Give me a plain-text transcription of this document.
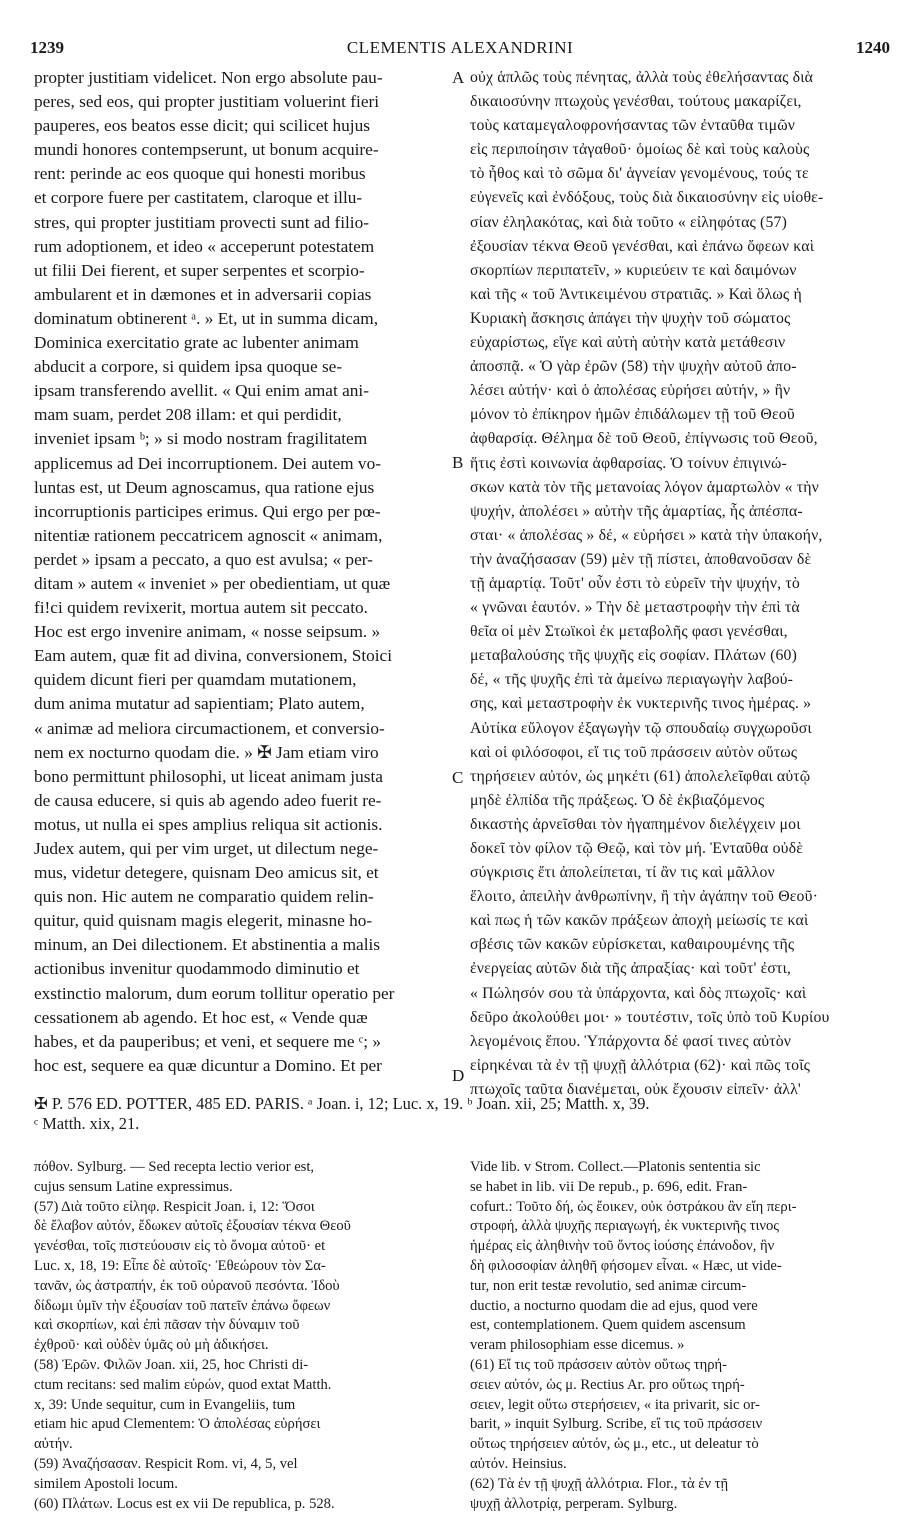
1239	CLEMENTIS ALEXANDRINI	1240
propter justitiam videlicet. Non ergo absolute pau-
peres, sed eos, qui propter justitiam voluerint fieri
pauperes, eos beatos esse dicit; qui scilicet hujus
mundi honores contempserunt, ut bonum acquire-
rent: perinde ac eos quoque qui honesti moribus
et corpore fuere per castitatem, claroque et illu-
stres, qui propter justitiam provecti sunt ad filio-
rum adoptionem, et ideo « acceperunt potestatem
ut filii Dei fierent, et super serpentes et scorpio-
ambularent et in dæmones et in adversarii copias
dominatum obtinerent ᵃ. » Et, ut in summa dicam,
Dominica exercitatio grate ac lubenter animam
abducit a corpore, si quidem ipsa quoque se-
ipsam transferendo avellit. « Qui enim amat ani-
mam suam, perdet 208 illam: et qui perdidit,
inveniet ipsam ᵇ; » si modo nostram fragilitatem
applicemus ad Dei incorruptionem. Dei autem vo-
luntas est, ut Deum agnoscamus, qua ratione ejus
incorruptionis participes erimus. Qui ergo per pœ-
nitentiæ rationem peccatricem agnoscit « animam,
perdet » ipsam a peccato, a quo est avulsa; « per-
ditam » autem « inveniet » per obedientiam, ut quæ
fi!ci quidem revixerit, mortua autem sit peccato.
Hoc est ergo invenire animam, « nosse seipsum. »
Eam autem, quæ fit ad divina, conversionem, Stoici
quidem dicunt fieri per quamdam mutationem,
dum anima mutatur ad sapientiam; Plato autem,
« animæ ad meliora circumactionem, et conversio-
nem ex nocturno quodam die. » ✠ Jam etiam viro
bono permittunt philosophi, ut liceat animam justa
de causa educere, si quis ab agendo adeo fuerit re-
motus, ut nulla ei spes amplius reliqua sit actionis.
Judex autem, qui per vim urget, ut dilectum nege-
mus, videtur detegere, quisnam Deo amicus sit, et
quis non. Hic autem ne comparatio quidem relin-
quitur, quid quisnam magis elegerit, minasne ho-
minum, an Dei dilectionem. Et abstinentia a malis
actionibus invenitur quodammodo diminutio et
exstinctio malorum, dum eorum tollitur operatio per
cessationem ab agendo. Et hoc est, « Vende quæ
habes, et da pauperibus; et veni, et sequere me ᶜ; »
hoc est, sequere ea quæ dicuntur a Domino. Et per
οὐχ ἁπλῶς τοὺς πένητας, ἀλλὰ τοὺς ἐθελήσαντας διὰ
δικαιοσύνην πτωχοὺς γενέσθαι, τούτους μακαρίζει,
τοὺς καταμεγαλοφρονήσαντας τῶν ἐνταῦθα τιμῶν
εἰς περιποίησιν τἀγαθοῦ· ὁμοίως δὲ καὶ τοὺς καλοὺς
τὸ ἦθος καὶ τὸ σῶμα δι' ἁγνείαν γενομένους, τούς τε
εὐγενεῖς καὶ ἐνδόξους, τοὺς διὰ δικαιοσύνην εἰς υἱοθε-
σίαν ἐληλακότας, καὶ διὰ τοῦτο « εἰληφότας (57)
ἐξουσίαν τέκνα Θεοῦ γενέσθαι, καὶ ἐπάνω ὄφεων καὶ
σκορπίων περιπατεῖν, » κυριεύειν τε καὶ δαιμόνων
καὶ τῆς « τοῦ Ἀντικειμένου στρατιᾶς. » Καὶ ὅλως ἡ
Κυριακὴ ἄσκησις ἀπάγει τὴν ψυχὴν τοῦ σώματος
εὐχαρίστως, εἴγε καὶ αὐτὴ αὐτὴν κατὰ μετάθεσιν
ἀποσπᾷ. « Ὁ γὰρ ἐρῶν (58) τὴν ψυχὴν αὐτοῦ ἀπο-
λέσει αὐτήν· καὶ ὁ ἀπολέσας εὑρήσει αὐτήν, » ἢν
μόνον τὸ ἐπίκηρον ἡμῶν ἐπιδάλωμεν τῇ τοῦ Θεοῦ
ἀφθαρσίᾳ. Θέλημα δὲ τοῦ Θεοῦ, ἐπίγνωσις τοῦ Θεοῦ,
ἥτις ἐστὶ κοινωνία ἀφθαρσίας. Ὁ τοίνυν ἐπιγινώ-
σκων κατὰ τὸν τῆς μετανοίας λόγον ἁμαρτωλὸν « τὴν
ψυχήν, ἀπολέσει » αὐτὴν τῆς ἁμαρτίας, ἧς ἀπέσπα-
σται· « ἀπολέσας » δέ, « εὑρήσει » κατὰ τὴν ὑπακοήν,
τὴν ἀναζήσασαν (59) μὲν τῇ πίστει, ἀποθανοῦσαν δὲ
τῇ ἁμαρτίᾳ. Τοῦτ' οὖν ἐστι τὸ εὑρεῖν τὴν ψυχήν, τὸ
« γνῶναι ἑαυτόν. » Τὴν δὲ μεταστροφὴν τὴν ἐπὶ τὰ
θεῖα οἱ μὲν Στωϊκοὶ ἐκ μεταβολῆς φασι γενέσθαι,
μεταβαλούσης τῆς ψυχῆς εἰς σοφίαν. Πλάτων (60)
δέ, « τῆς ψυχῆς ἐπὶ τὰ ἀμείνω περιαγωγὴν λαβού-
σης, καὶ μεταστροφὴν ἐκ νυκτερινῆς τινος ἡμέρας. »
Αὐτίκα εὔλογον ἐξαγωγὴν τῷ σπουδαίῳ συγχωροῦσι
καὶ οἱ φιλόσοφοι, εἴ τις τοῦ πράσσειν αὐτὸν οὕτως
τηρήσειεν αὐτόν, ὡς μηκέτι (61) ἀπολελεῖφθαι αὐτῷ
μηδὲ ἐλπίδα τῆς πράξεως. Ὁ δὲ ἐκβιαζόμενος
δικαστὴς ἀρνεῖσθαι τὸν ἠγαπημένον διελέγχειν μοι
δοκεῖ τὸν φίλον τῷ Θεῷ, καὶ τὸν μή. Ἐνταῦθα οὐδὲ
σύγκρισις ἔτι ἀπολείπεται, τί ἂν τις καὶ μᾶλλον
ἕλοιτο, ἀπειλὴν ἀνθρωπίνην, ἢ τὴν ἀγάπην τοῦ Θεοῦ·
καὶ πως ἡ τῶν κακῶν πράξεων ἀποχὴ μείωσίς τε καὶ
σβέσις τῶν κακῶν εὑρίσκεται, καθαιρουμένης τῆς
ἐνεργείας αὐτῶν διὰ τῆς ἀπραξίας· καὶ τοῦτ' ἐστι,
« Πώλησόν σου τὰ ὑπάρχοντα, καὶ δὸς πτωχοῖς· καὶ
δεῦρο ἀκολούθει μοι· » τουτέστιν, τοῖς ὑπὸ τοῦ Κυρίου
λεγομένοις ἕπου. Ὑπάρχοντα δέ φασί τινες αὐτὸν
εἰρηκέναι τὰ ἐν τῇ ψυχῇ ἀλλότρια (62)· καὶ πῶς τοῖς
πτωχοῖς ταῦτα διανέμεται, οὐκ ἔχουσιν εἰπεῖν· ἀλλ'
A
B
C
D
✠ P. 576 ED. POTTER, 485 ED. PARIS. ᵃ Joan. i, 12; Luc. x, 19. ᵇ Joan. xii, 25; Matth. x, 39.
ᶜ Matth. xix, 21.
πόθον. Sylburg. — Sed recepta lectio verior est,
cujus sensum Latine expressimus.
(57) Διὰ τοῦτο εἰληφ. Respicit Joan. i, 12: Ὅσοι
δὲ ἔλαβον αὐτόν, ἔδωκεν αὐτοῖς ἐξουσίαν τέκνα Θεοῦ
γενέσθαι, τοῖς πιστεύουσιν εἰς τὸ ὄνομα αὐτοῦ· et
Luc. x, 18, 19: Εἶπε δὲ αὐτοῖς· Ἐθεώρουν τὸν Σα-
τανᾶν, ὡς ἀστραπήν, ἐκ τοῦ οὐρανοῦ πεσόντα. Ἰδοὺ
δίδωμι ὑμῖν τὴν ἐξουσίαν τοῦ πατεῖν ἐπάνω ὄφεων
καὶ σκορπίων, καὶ ἐπὶ πᾶσαν τὴν δύναμιν τοῦ
ἐχθροῦ· καὶ οὐδὲν ὑμᾶς οὐ μὴ ἀδικήσει.
(58) Ἐρῶν. Φιλῶν Joan. xii, 25, hoc Christi di-
ctum recitans: sed malim εὑρών, quod extat Matth.
x, 39: Unde sequitur, cum in Evangeliis, tum
etiam hic apud Clementem: Ὁ ἀπολέσας εὑρήσει
αὐτήν.
(59) Ἀναζήσασαν. Respicit Rom. vi, 4, 5, vel
similem Apostoli locum.
(60) Πλάτων. Locus est ex vii De republica, p. 528.
Vide lib. v Strom. Collect.—Platonis sententia sic
se habet in lib. vii De repub., p. 696, edit. Fran-
cofurt.: Τοῦτο δή, ὡς ἔοικεν, οὐκ ὀστράκου ἂν εἴη περι-
στροφή, ἀλλὰ ψυχῆς περιαγωγή, ἐκ νυκτερινῆς τινος
ἡμέρας εἰς ἀληθινὴν τοῦ ὄντος ἰούσης ἐπάνοδον, ἣν
δὴ φιλοσοφίαν ἀληθῆ φήσομεν εἶναι. « Hæc, ut vide-
tur, non erit testæ revolutio, sed animæ circum-
ductio, a nocturno quodam die ad ejus, quod vere
est, contemplationem. Quem quidem ascensum
veram philosophiam esse dicemus. »
(61) Εἴ τις τοῦ πράσσειν αὐτὸν οὕτως τηρή-
σειεν αὐτόν, ὡς μ. Rectius Ar. pro οὕτως τηρή-
σειεν, legit οὕτω στερήσειεν, « ita privarit, sic or-
barit, » inquit Sylburg. Scribe, εἴ τις τοῦ πράσσειν
οὕτως τηρήσειεν αὐτόν, ὡς μ., etc., ut deleatur τὸ
αὐτόν. Heinsius.
(62) Τὰ ἐν τῇ ψυχῇ ἀλλότρια. Flor., τὰ ἐν τῇ
ψυχῇ ἀλλοτρίᾳ, perperam. Sylburg.
